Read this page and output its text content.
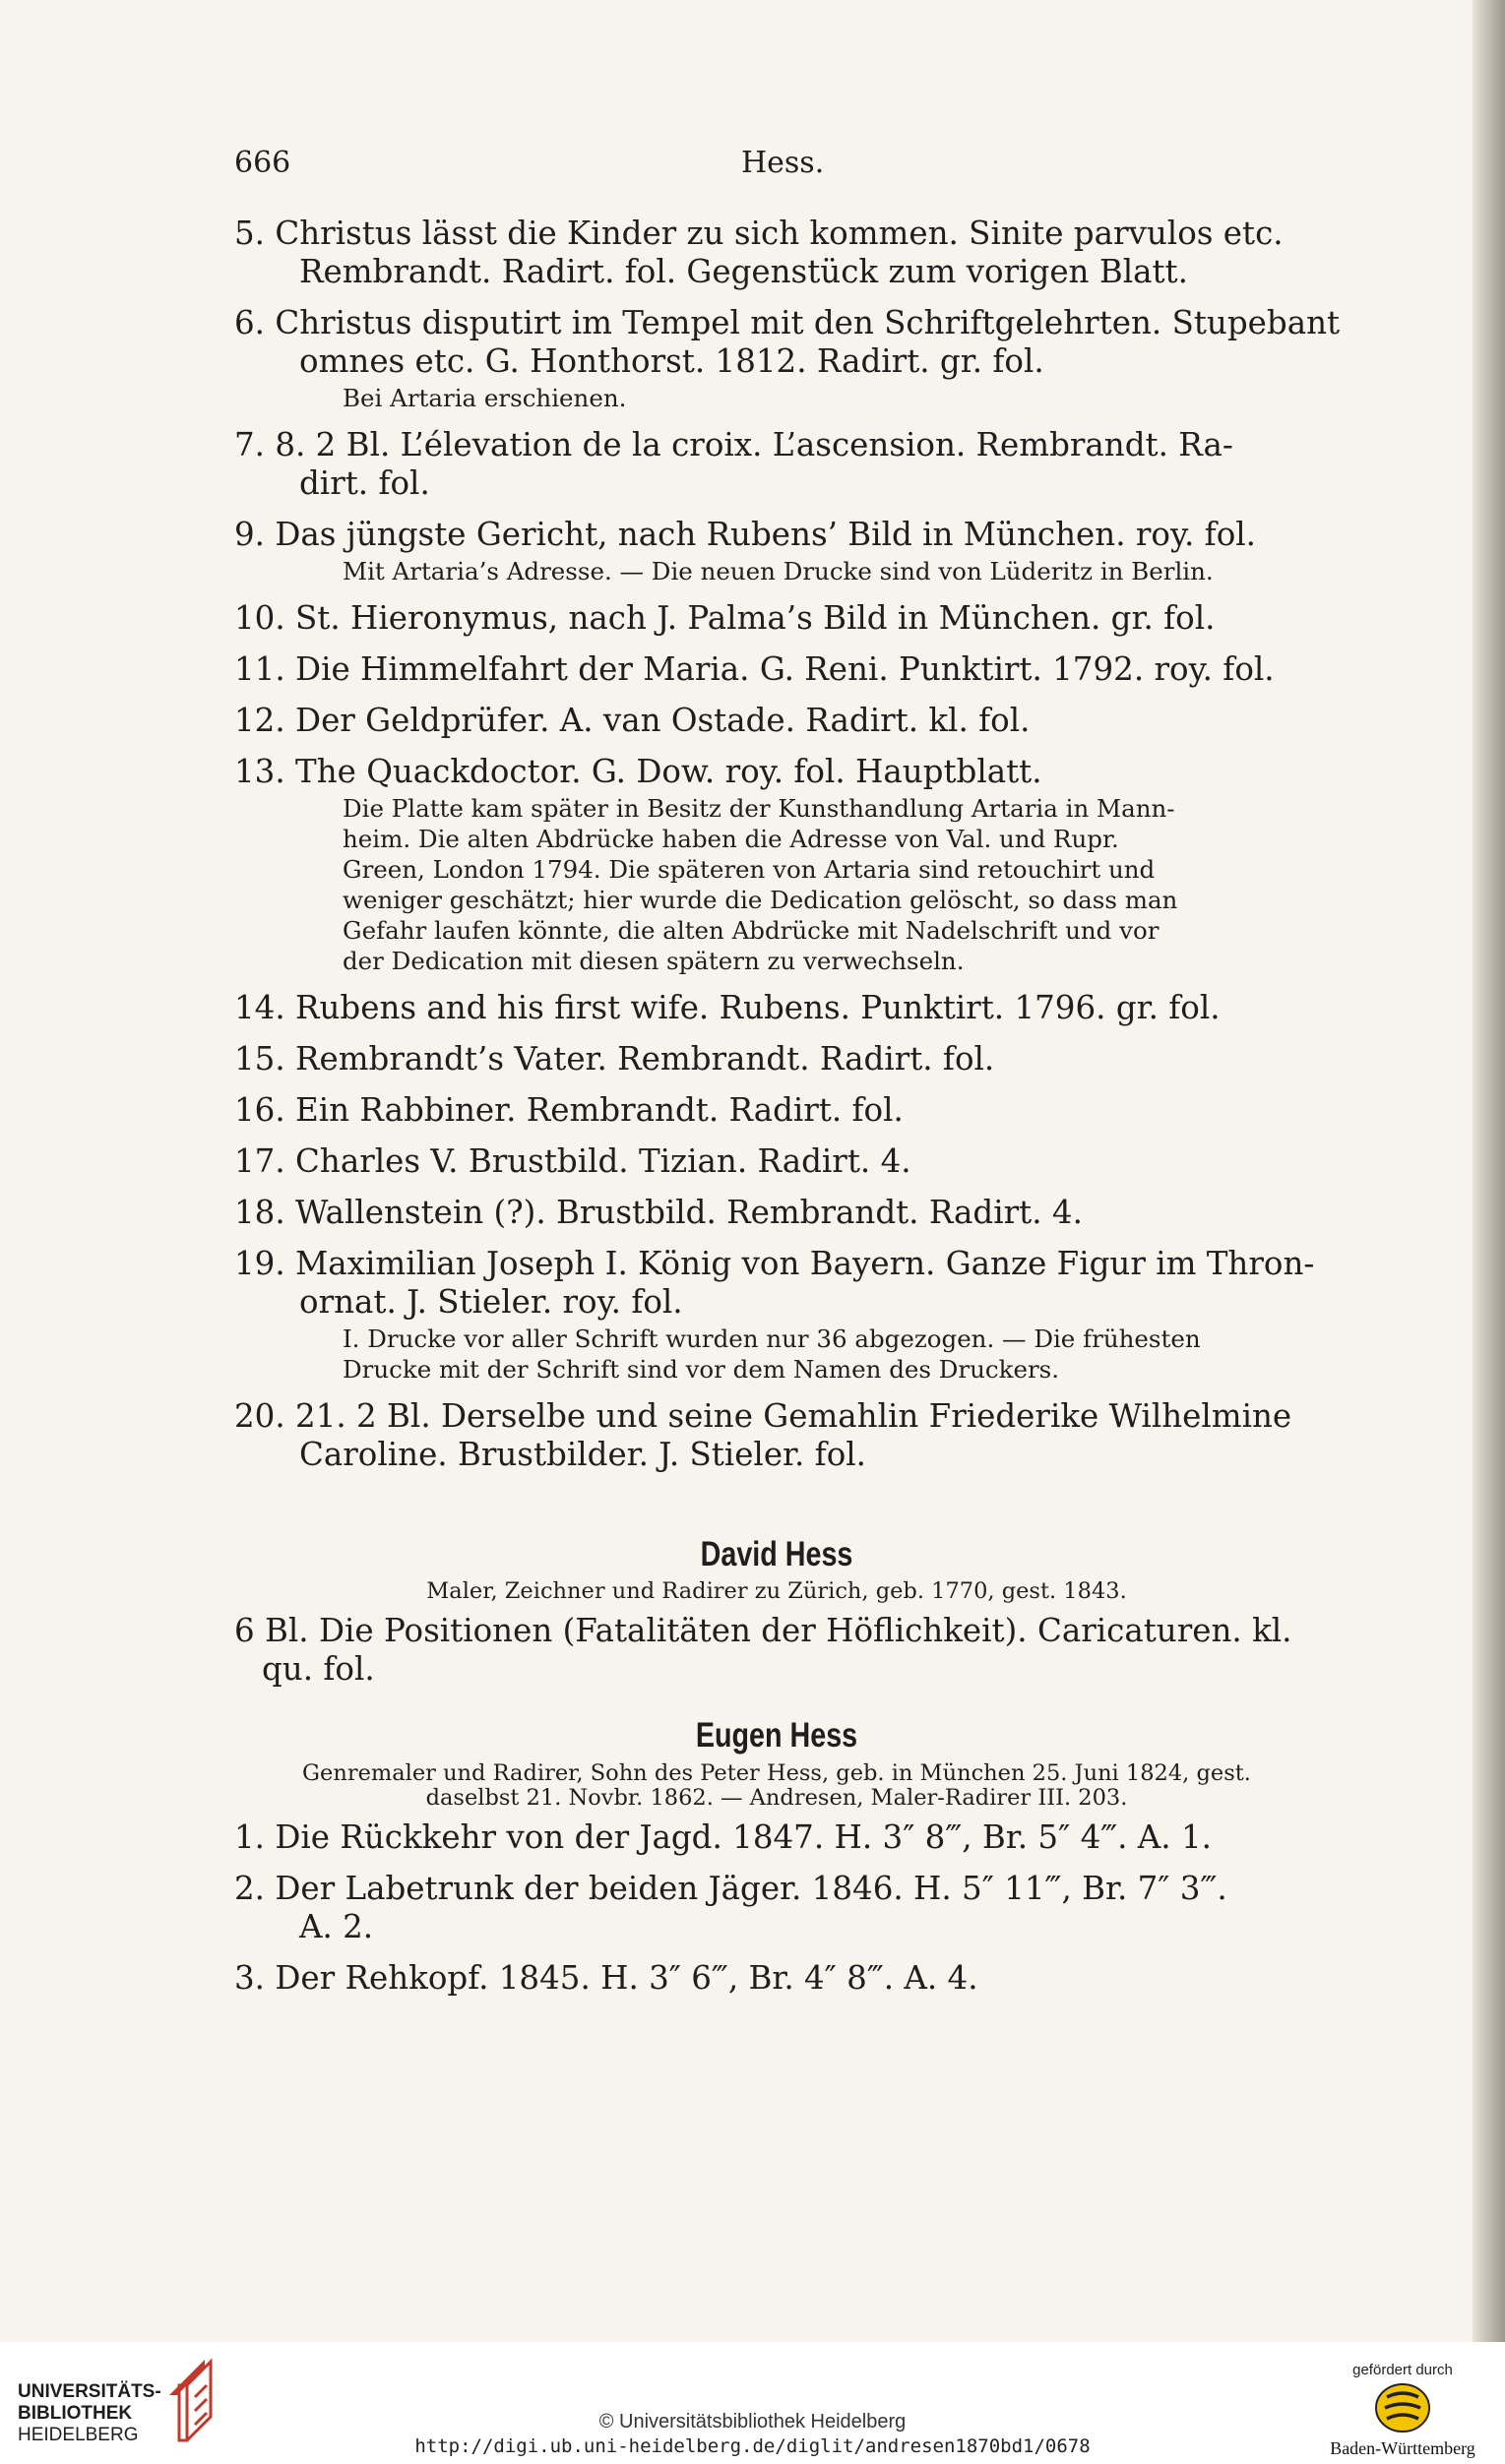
666	Hess.
5. Christus lässt die Kinder zu sich kommen. Sinite parvulos etc.
Rembrandt. Radirt. fol. Gegenstück zum vorigen Blatt.
6. Christus disputirt im Tempel mit den Schriftgelehrten. Stupebant
omnes etc. G. Honthorst. 1812. Radirt. gr. fol.
Bei Artaria erschienen.
7. 8. 2 Bl. L’élevation de la croix. L’ascension. Rembrandt. Ra-
dirt. fol.
9. Das jüngste Gericht, nach Rubens’ Bild in München. roy. fol.
Mit Artaria’s Adresse. — Die neuen Drucke sind von Lüderitz in Berlin.
10. St. Hieronymus, nach J. Palma’s Bild in München. gr. fol.
11. Die Himmelfahrt der Maria. G. Reni. Punktirt. 1792. roy. fol.
12. Der Geldprüfer. A. van Ostade. Radirt. kl. fol.
13. The Quackdoctor. G. Dow. roy. fol. Hauptblatt.
Die Platte kam später in Besitz der Kunsthandlung Artaria in Mann-
heim. Die alten Abdrücke haben die Adresse von Val. und Rupr.
Green, London 1794. Die späteren von Artaria sind retouchirt und
weniger geschätzt; hier wurde die Dedication gelöscht, so dass man
Gefahr laufen könnte, die alten Abdrücke mit Nadelschrift und vor
der Dedication mit diesen spätern zu verwechseln.
14. Rubens and his first wife. Rubens. Punktirt. 1796. gr. fol.
15. Rembrandt’s Vater. Rembrandt. Radirt. fol.
16. Ein Rabbiner. Rembrandt. Radirt. fol.
17. Charles V. Brustbild. Tizian. Radirt. 4.
18. Wallenstein (?). Brustbild. Rembrandt. Radirt. 4.
19. Maximilian Joseph I. König von Bayern. Ganze Figur im Thron-
ornat. J. Stieler. roy. fol.
I. Drucke vor aller Schrift wurden nur 36 abgezogen. — Die frühesten
Drucke mit der Schrift sind vor dem Namen des Druckers.
20. 21. 2 Bl. Derselbe und seine Gemahlin Friederike Wilhelmine
Caroline. Brustbilder. J. Stieler. fol.
David Hess
Maler, Zeichner und Radirer zu Zürich, geb. 1770, gest. 1843.
6 Bl. Die Positionen (Fatalitäten der Höflichkeit). Caricaturen. kl.
qu. fol.
Eugen Hess
Genremaler und Radirer, Sohn des Peter Hess, geb. in München 25. Juni 1824, gest.
daselbst 21. Novbr. 1862. — Andresen, Maler-Radirer III. 203.
1. Die Rückkehr von der Jagd. 1847. H. 3″ 8‴, Br. 5″ 4‴. A. 1.
2. Der Labetrunk der beiden Jäger. 1846. H. 5″ 11‴, Br. 7″ 3‴.
A. 2.
3. Der Rehkopf. 1845. H. 3″ 6‴, Br. 4″ 8‴. A. 4.
UNIVERSITÄTS-
BIBLIOTHEK
HEIDELBERG
© Universitätsbibliothek Heidelberg
http://digi.ub.uni-heidelberg.de/diglit/andresen1870bd1/0678
gefördert durch
Baden-Württemberg
